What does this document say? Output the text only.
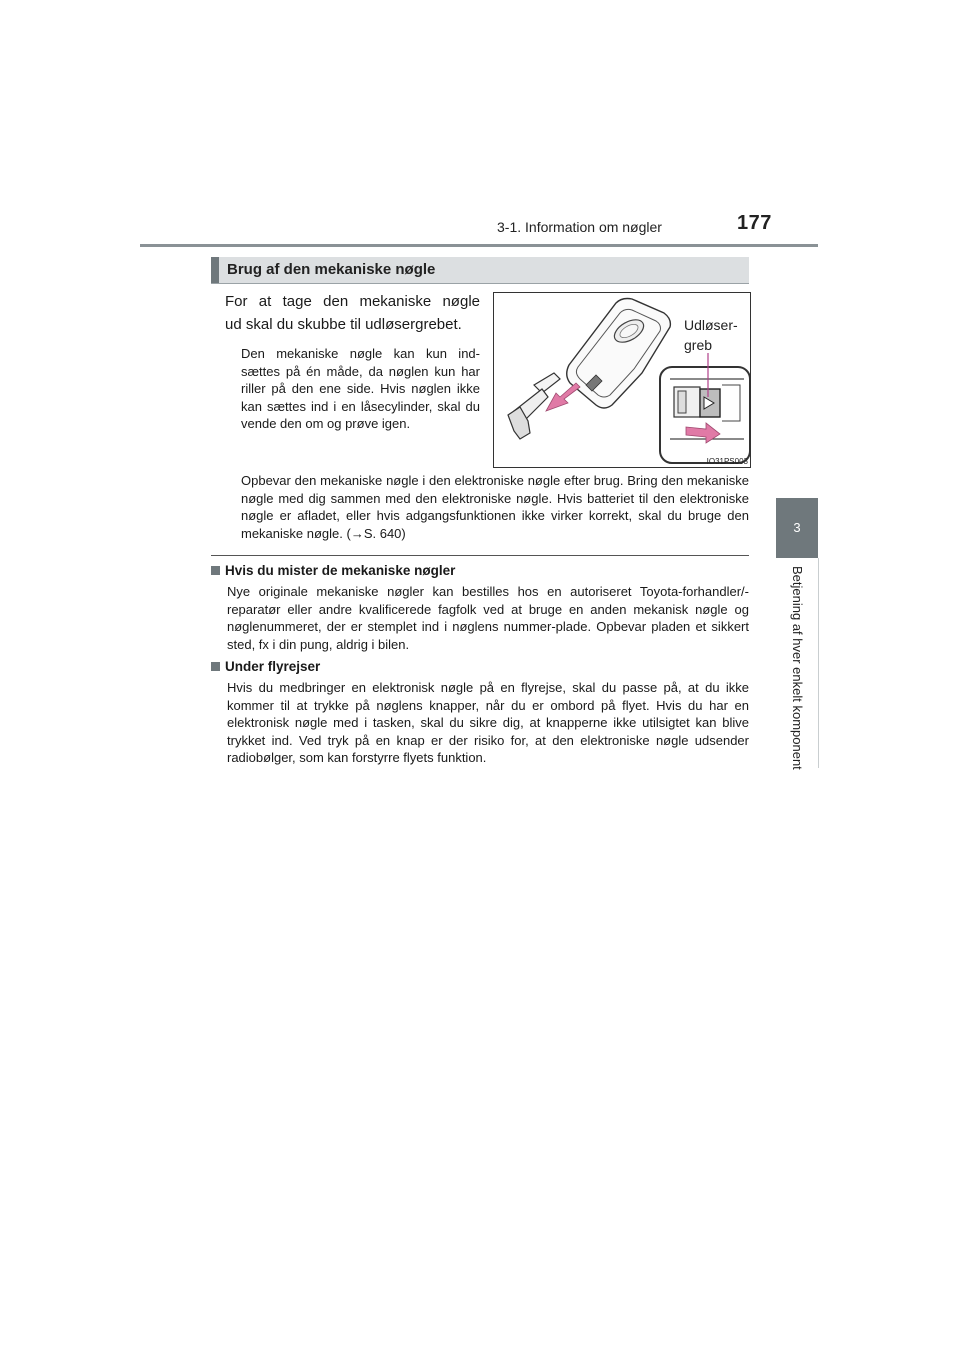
3-1. Information om nøgler	177
3
Betjening af hver enkelt komponent
Brug af den mekaniske nøgle
For at tage den mekaniske nøgle
ud skal du skubbe til udløsergrebet.
Den mekaniske nøgle kan kun ind-sættes på én måde, da nøglen kun har riller på den ene side. Hvis nøglen ikke kan sættes ind i en låsecylinder, skal du vende den om og prøve igen.
Udløser-greb
IO31PS003
Opbevar den mekaniske nøgle i den elektroniske nøgle efter brug. Bring den mekaniske nøgle med dig sammen med den elektroniske nøgle. Hvis batteriet til den elektroniske nøgle er afladet, eller hvis adgangsfunktionen ikke virker korrekt, skal du bruge den mekaniske nøgle. (→S. 640)
Hvis du mister de mekaniske nøgler
Nye originale mekaniske nøgler kan bestilles hos en autoriseret Toyota-forhandler/-reparatør eller andre kvalificerede fagfolk ved at bruge en anden mekanisk nøgle og nøglenummeret, der er stemplet ind i nøglens nummer-plade. Opbevar pladen et sikkert sted, fx i din pung, aldrig i bilen.
Under flyrejser
Hvis du medbringer en elektronisk nøgle på en flyrejse, skal du passe på, at du ikke kommer til at trykke på nøglens knapper, når du er ombord på flyet. Hvis du har en elektronisk nøgle med i tasken, skal du sikre dig, at knapperne ikke utilsigtet kan blive trykket ind. Ved tryk på en knap er der risiko for, at den elektroniske nøgle udsender radiobølger, som kan forstyrre flyets funktion.
